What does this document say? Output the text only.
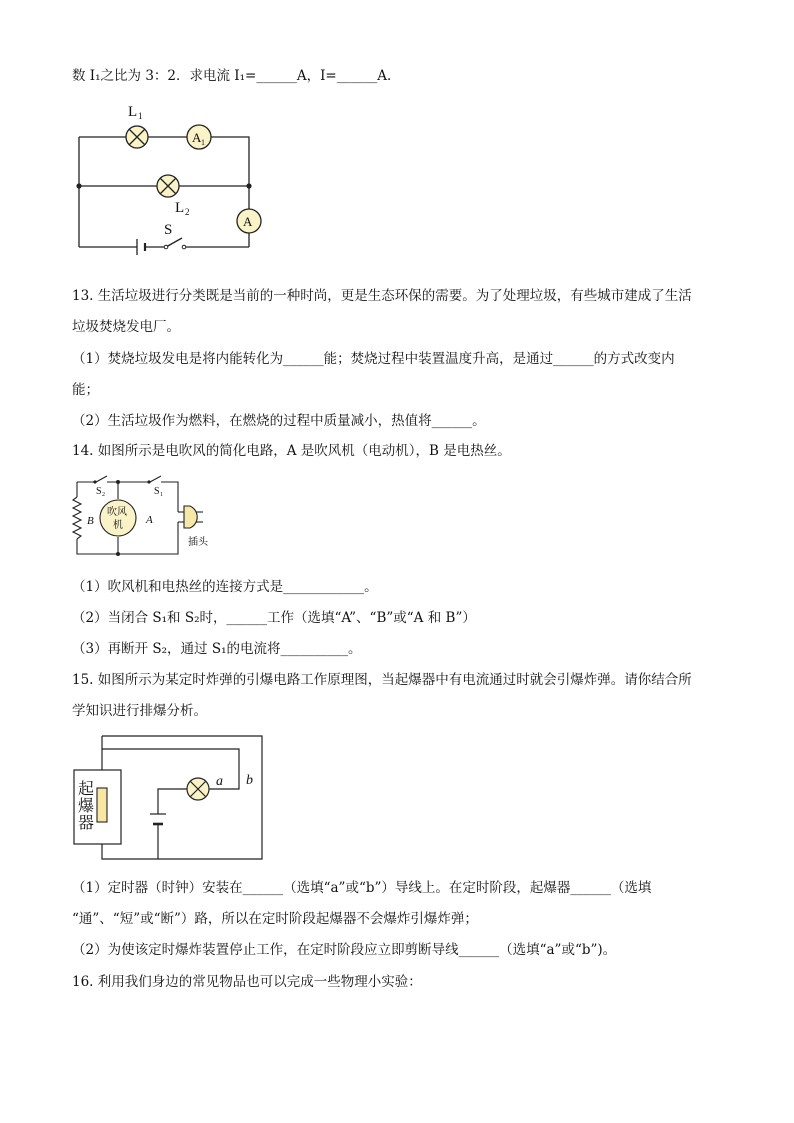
数 I₁之比为 3：2．求电流 I₁=______A，I=______A．
L 1
A 1
L 2
A
S
13. 生活垃圾进行分类既是当前的一种时尚，更是生态环保的需要。为了处理垃圾，有些城市建成了生活
垃圾焚烧发电厂。
（1）焚烧垃圾发电是将内能转化为______能；焚烧过程中装置温度升高，是通过______的方式改变内
能；
（2）生活垃圾作为燃料，在燃烧的过程中质量减小，热值将______。
14. 如图所示是电吹风的简化电路，A 是吹风机（电动机），B 是电热丝。
S 2	S 1
B
吹风
机 A
插头
（1）吹风机和电热丝的连接方式是____________。
（2）当闭合 S₁和 S₂时，______工作（选填“A”、“B”或“A 和 B”）
（3）再断开 S₂，通过 S₁的电流将__________。
15. 如图所示为某定时炸弹的引爆电路工作原理图，当起爆器中有电流通过时就会引爆炸弹。请你结合所
学知识进行排爆分析。
起
爆
器
a b
（1）定时器（时钟）安装在______（选填“a”或“b”）导线上。在定时阶段，起爆器______（选填
“通”、“短”或“断”）路，所以在定时阶段起爆器不会爆炸引爆炸弹；
（2）为使该定时爆炸装置停止工作，在定时阶段应立即剪断导线______（选填“a”或“b”)。
16. 利用我们身边的常见物品也可以完成一些物理小实验：
